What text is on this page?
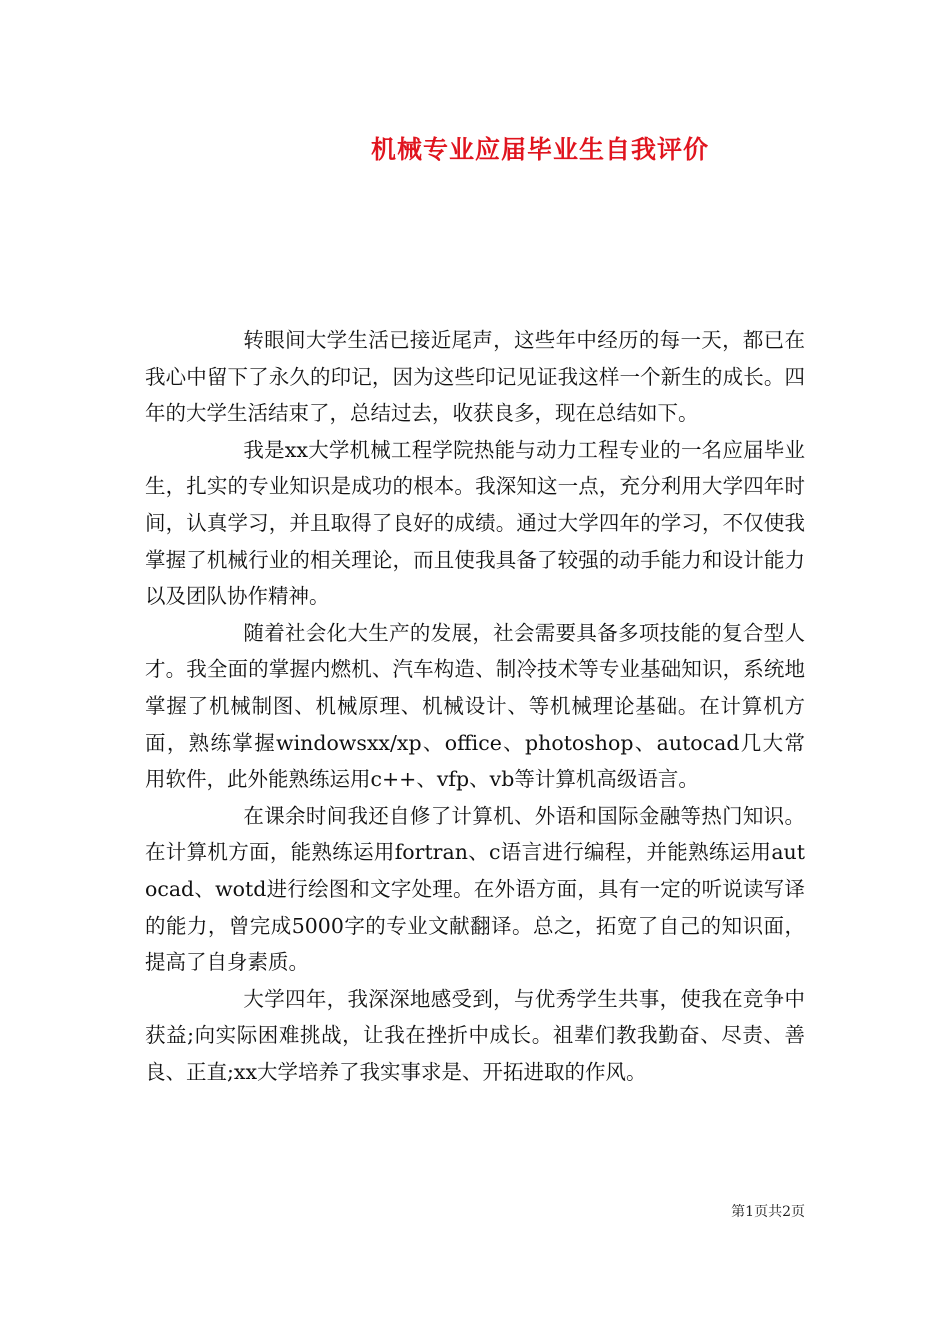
机械专业应届毕业生自我评价

转眼间大学生活已接近尾声，这些年中经历的每一天，都已在我心中留下了永久的印记，因为这些印记见证我这样一个新生的成长。四年的大学生活结束了，总结过去，收获良多，现在总结如下。

我是xx大学机械工程学院热能与动力工程专业的一名应届毕业生，扎实的专业知识是成功的根本。我深知这一点，充分利用大学四年时间，认真学习，并且取得了良好的成绩。通过大学四年的学习，不仅使我掌握了机械行业的相关理论，而且使我具备了较强的动手能力和设计能力以及团队协作精神。

随着社会化大生产的发展，社会需要具备多项技能的复合型人才。我全面的掌握内燃机、汽车构造、制冷技术等专业基础知识，系统地掌握了机械制图、机械原理、机械设计、等机械理论基础。在计算机方面，熟练掌握windowsxx/xp、office、photoshop、autocad几大常用软件，此外能熟练运用c++、vfp、vb等计算机高级语言。

在课余时间我还自修了计算机、外语和国际金融等热门知识。在计算机方面，能熟练运用fortran、c语言进行编程，并能熟练运用autocad、wotd进行绘图和文字处理。在外语方面，具有一定的听说读写译的能力，曾完成5000字的专业文献翻译。总之，拓宽了自己的知识面，提高了自身素质。

大学四年，我深深地感受到，与优秀学生共事，使我在竞争中获益;向实际困难挑战，让我在挫折中成长。祖辈们教我勤奋、尽责、善良、正直;xx大学培养了我实事求是、开拓进取的作风。

第1页共2页
